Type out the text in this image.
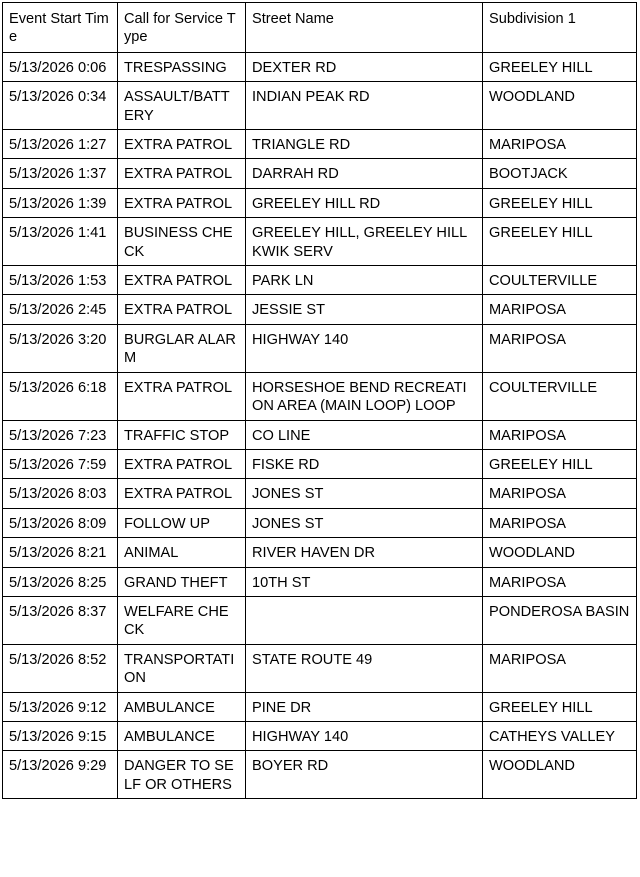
Event Start Time	Call for Service Type	Street Name	Subdivision 1
5/13/2026 0:06	TRESPASSING	DEXTER RD	GREELEY HILL
5/13/2026 0:34	ASSAULT/BATTERY	INDIAN PEAK RD	WOODLAND
5/13/2026 1:27	EXTRA PATROL	TRIANGLE RD	MARIPOSA
5/13/2026 1:37	EXTRA PATROL	DARRAH RD	BOOTJACK
5/13/2026 1:39	EXTRA PATROL	GREELEY HILL RD	GREELEY HILL
5/13/2026 1:41	BUSINESS CHECK	GREELEY HILL, GREELEY HILL KWIK SERV	GREELEY HILL
5/13/2026 1:53	EXTRA PATROL	PARK LN	COULTERVILLE
5/13/2026 2:45	EXTRA PATROL	JESSIE ST	MARIPOSA
5/13/2026 3:20	BURGLAR ALARM	HIGHWAY 140	MARIPOSA
5/13/2026 6:18	EXTRA PATROL	HORSESHOE BEND RECREATION AREA (MAIN LOOP) LOOP	COULTERVILLE
5/13/2026 7:23	TRAFFIC STOP	CO LINE	MARIPOSA
5/13/2026 7:59	EXTRA PATROL	FISKE RD	GREELEY HILL
5/13/2026 8:03	EXTRA PATROL	JONES ST	MARIPOSA
5/13/2026 8:09	FOLLOW UP	JONES ST	MARIPOSA
5/13/2026 8:21	ANIMAL	RIVER HAVEN DR	WOODLAND
5/13/2026 8:25	GRAND THEFT	10TH ST	MARIPOSA
5/13/2026 8:37	WELFARE CHECK		PONDEROSA BASIN
5/13/2026 8:52	TRANSPORTATION	STATE ROUTE 49	MARIPOSA
5/13/2026 9:12	AMBULANCE	PINE DR	GREELEY HILL
5/13/2026 9:15	AMBULANCE	HIGHWAY 140	CATHEYS VALLEY
5/13/2026 9:29	DANGER TO SELF OR OTHERS	BOYER RD	WOODLAND
